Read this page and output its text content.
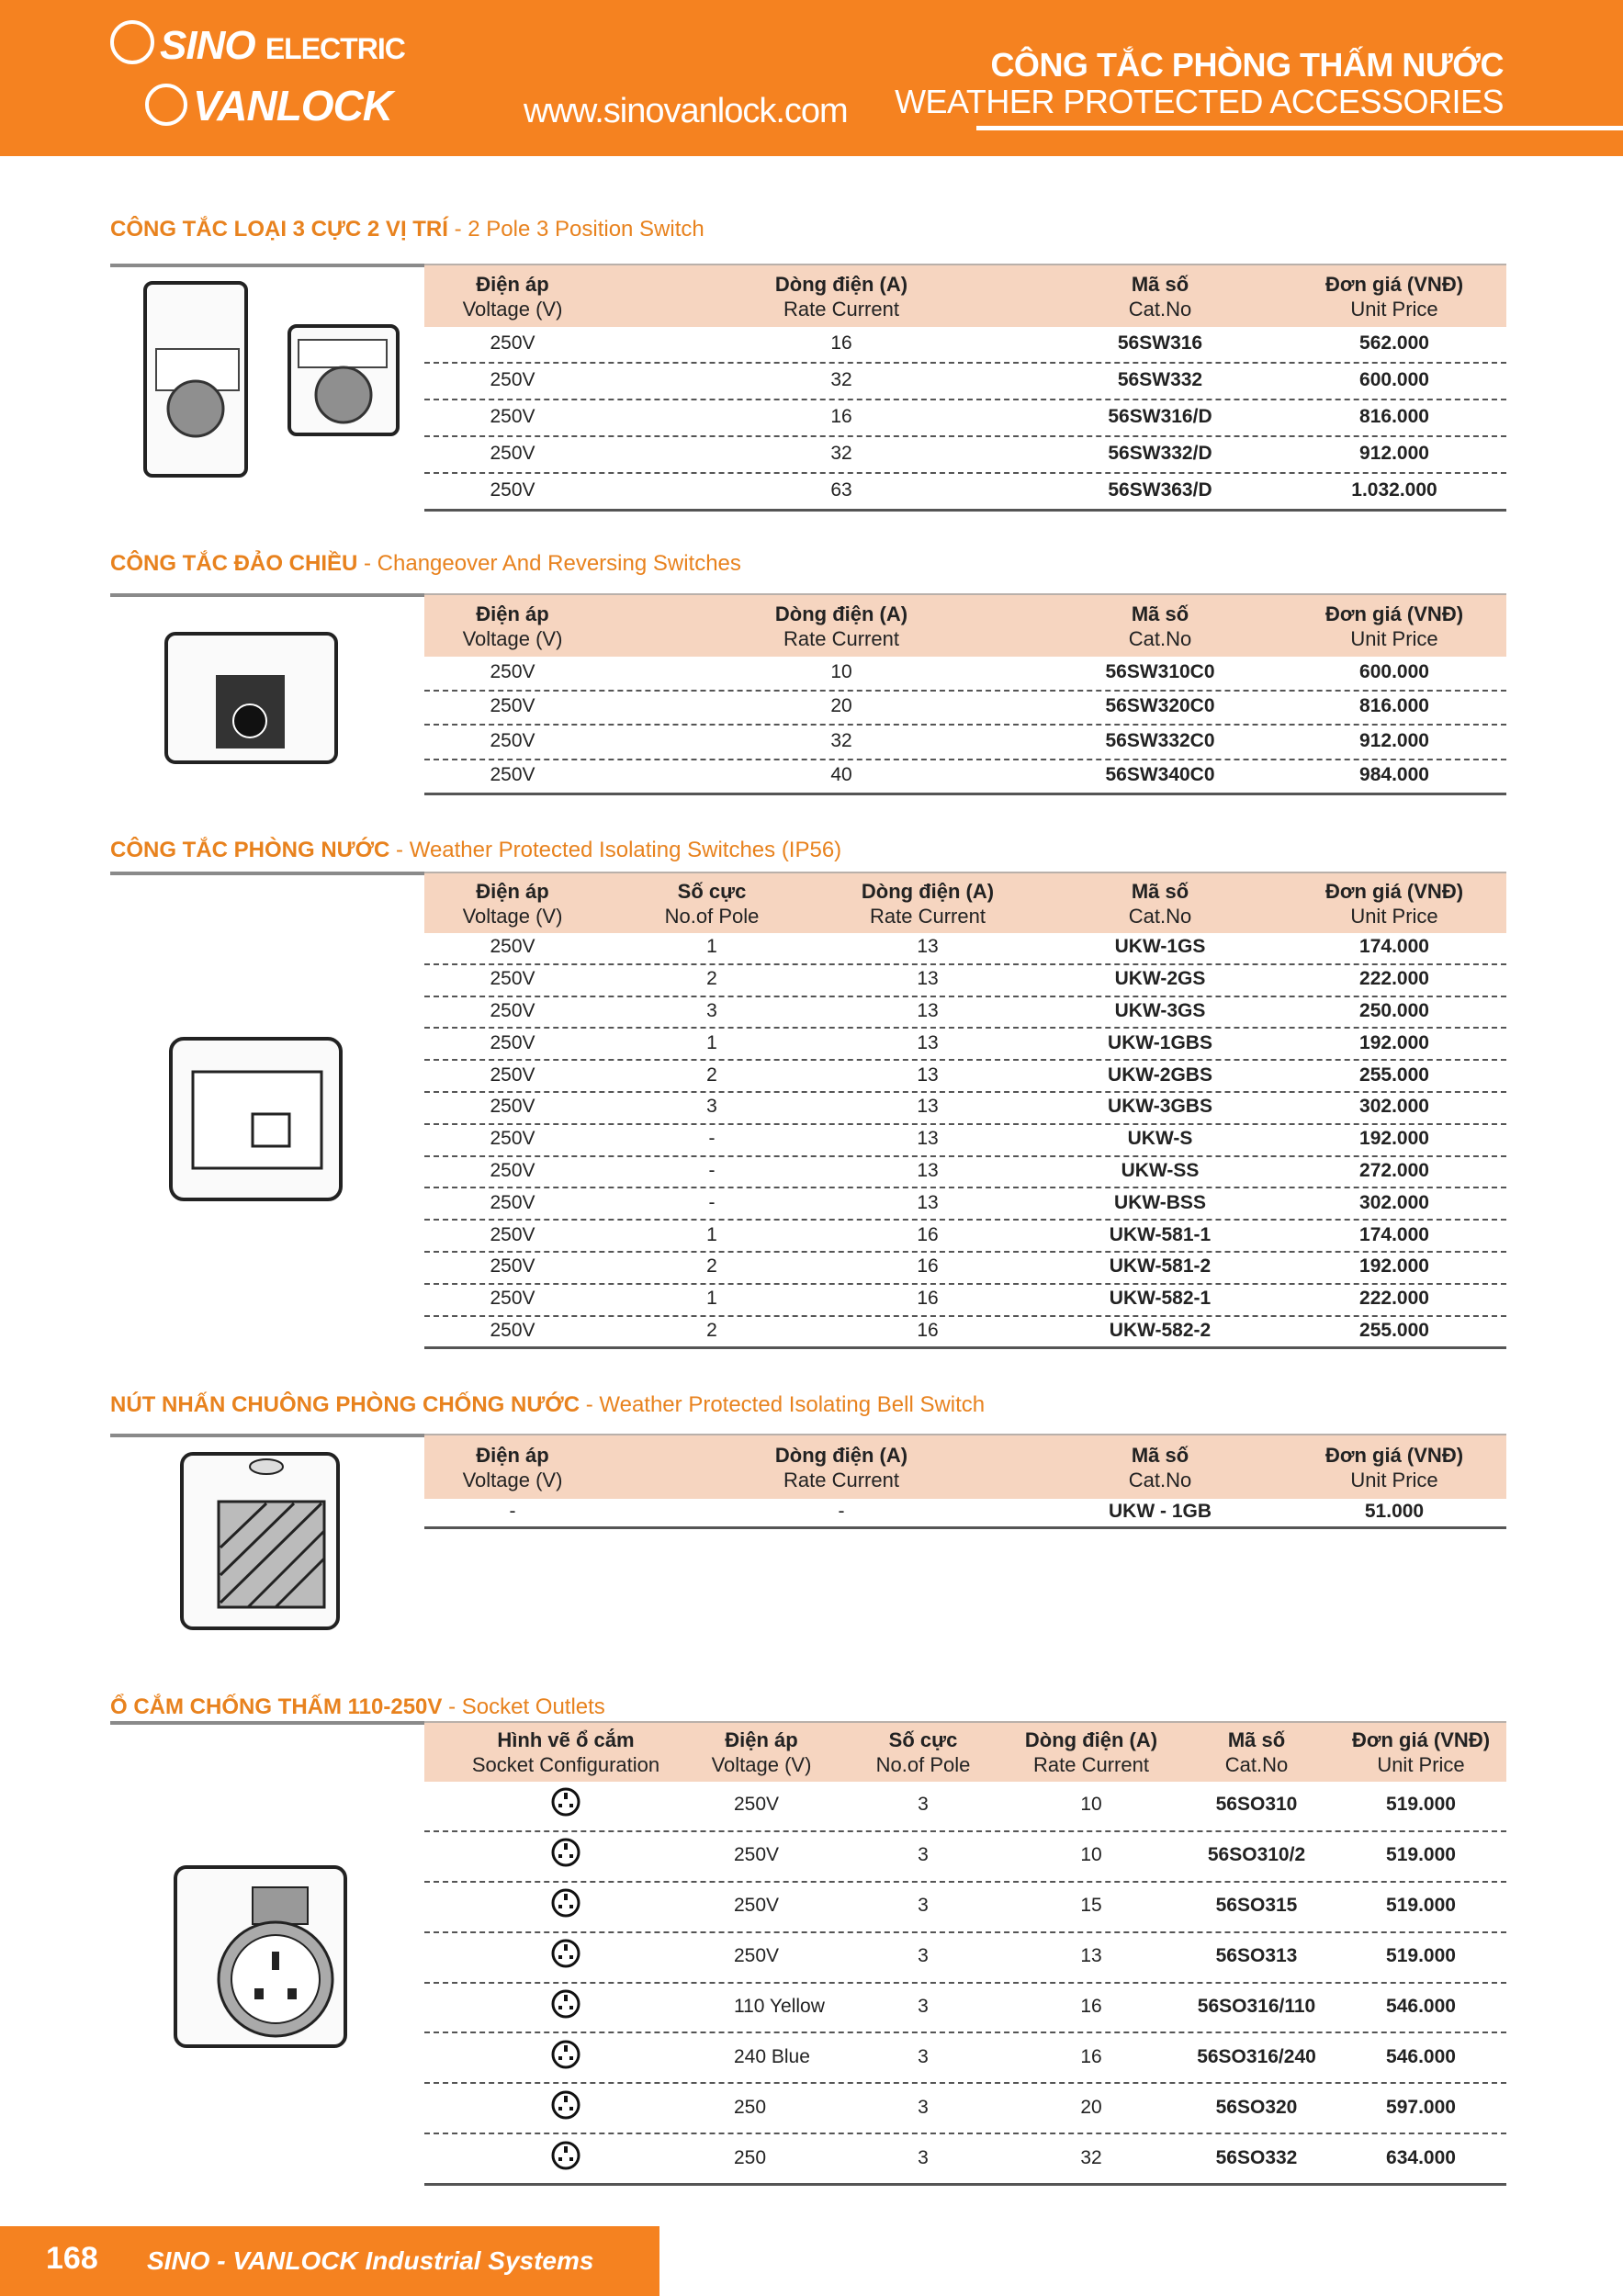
SINO ELECTRIC
VANLOCK	www.sinovanlock.com
CÔNG TẮC PHÒNG THẤM NƯỚC
WEATHER PROTECTED ACCESSORIES
CÔNG TẮC LOẠI 3 CỰC 2 VỊ TRÍ - 2 Pole 3 Position Switch
Điện áp
Voltage (V)
Dòng điện (A)
Rate Current
Mã số
Cat.No
Đơn giá (VNĐ)
Unit Price
250V	16	56SW316	562.000
250V	32	56SW332	600.000
250V	16	56SW316/D	816.000
250V	32	56SW332/D	912.000
250V	63	56SW363/D	1.032.000
CÔNG TẮC ĐẢO CHIỀU - Changeover And Reversing Switches
Điện áp
Voltage (V)
Dòng điện (A)
Rate Current
Mã số
Cat.No
Đơn giá (VNĐ)
Unit Price
250V	10	56SW310C0	600.000
250V	20	56SW320C0	816.000
250V	32	56SW332C0	912.000
250V	40	56SW340C0	984.000
CÔNG TẮC PHÒNG NƯỚC - Weather Protected Isolating Switches (IP56)
Điện áp
Voltage (V)
Số cực
No.of Pole
Dòng điện (A)
Rate Current
Mã số
Cat.No
Đơn giá (VNĐ)
Unit Price
250V	1	13	UKW-1GS	174.000
250V	2	13	UKW-2GS	222.000
250V	3	13	UKW-3GS	250.000
250V	1	13	UKW-1GBS	192.000
250V	2	13	UKW-2GBS	255.000
250V	3	13	UKW-3GBS	302.000
250V	-	13	UKW-S	192.000
250V	-	13	UKW-SS	272.000
250V	-	13	UKW-BSS	302.000
250V	1	16	UKW-581-1	174.000
250V	2	16	UKW-581-2	192.000
250V	1	16	UKW-582-1	222.000
250V	2	16	UKW-582-2	255.000
NÚT NHẤN CHUÔNG PHÒNG CHỐNG NƯỚC - Weather Protected Isolating Bell Switch
Điện áp
Voltage (V)
Dòng điện (A)
Rate Current
Mã số
Cat.No
Đơn giá (VNĐ)
Unit Price
-	-	UKW - 1GB	51.000
Ổ CẮM CHỐNG THẤM 110-250V - Socket Outlets
Hình vẽ ổ cắm
Socket Configuration
Điện áp
Voltage (V)
Số cực
No.of Pole
Dòng điện (A)
Rate Current
Mã số
Cat.No
Đơn giá (VNĐ)
Unit Price
250V	3	10	56SO310	519.000
250V	3	10	56SO310/2	519.000
250V	3	15	56SO315	519.000
250V	3	13	56SO313	519.000
110 Yellow	3	16	56SO316/110	546.000
240 Blue	3	16	56SO316/240	546.000
250	3	20	56SO320	597.000
250	3	32	56SO332	634.000
168 SINO - VANLOCK Industrial Systems
